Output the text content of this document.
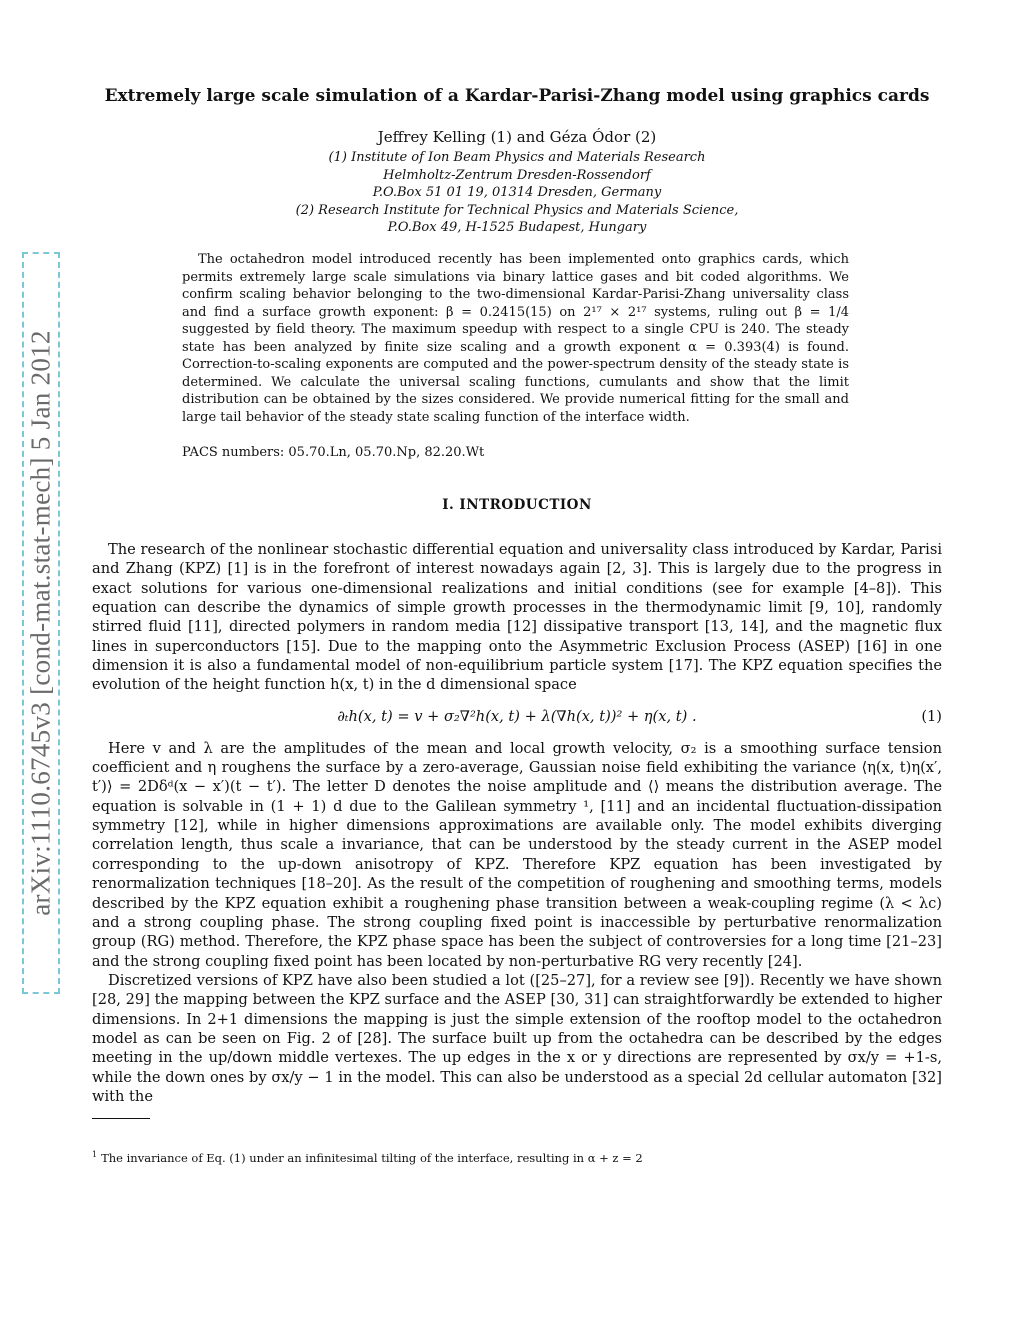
arXiv:1110.6745v3 [cond-mat.stat-mech] 5 Jan 2012
Extremely large scale simulation of a Kardar-Parisi-Zhang model using graphics cards
Jeffrey Kelling (1) and Géza Ódor (2)
(1) Institute of Ion Beam Physics and Materials Research
Helmholtz-Zentrum Dresden-Rossendorf
P.O.Box 51 01 19, 01314 Dresden, Germany
(2) Research Institute for Technical Physics and Materials Science,
P.O.Box 49, H-1525 Budapest, Hungary

The octahedron model introduced recently has been implemented onto graphics cards, which permits extremely large scale simulations via binary lattice gases and bit coded algorithms. We confirm scaling behavior belonging to the two-dimensional Kardar-Parisi-Zhang universality class and find a surface growth exponent: β = 0.2415(15) on 2¹⁷ × 2¹⁷ systems, ruling out β = 1/4 suggested by field theory. The maximum speedup with respect to a single CPU is 240. The steady state has been analyzed by finite size scaling and a growth exponent α = 0.393(4) is found. Correction-to-scaling exponents are computed and the power-spectrum density of the steady state is determined. We calculate the universal scaling functions, cumulants and show that the limit distribution can be obtained by the sizes considered. We provide numerical fitting for the small and large tail behavior of the steady state scaling function of the interface width.

PACS numbers: 05.70.Ln, 05.70.Np, 82.20.Wt

I. INTRODUCTION

The research of the nonlinear stochastic differential equation and universality class introduced by Kardar, Parisi and Zhang (KPZ) [1] is in the forefront of interest nowadays again [2, 3]. This is largely due to the progress in exact solutions for various one-dimensional realizations and initial conditions (see for example [4–8]). This equation can describe the dynamics of simple growth processes in the thermodynamic limit [9, 10], randomly stirred fluid [11], directed polymers in random media [12] dissipative transport [13, 14], and the magnetic flux lines in superconductors [15]. Due to the mapping onto the Asymmetric Exclusion Process (ASEP) [16] in one dimension it is also a fundamental model of non-equilibrium particle system [17]. The KPZ equation specifies the evolution of the height function h(x, t) in the d dimensional space

∂ₜh(x, t) = v + σ₂∇²h(x, t) + λ(∇h(x, t))² + η(x, t) .	(1)

Here v and λ are the amplitudes of the mean and local growth velocity, σ₂ is a smoothing surface tension coefficient and η roughens the surface by a zero-average, Gaussian noise field exhibiting the variance ⟨η(x, t)η(x′, t′)⟩ = 2Dδᵈ(x − x′)(t − t′). The letter D denotes the noise amplitude and ⟨⟩ means the distribution average. The equation is solvable in (1 + 1) d due to the Galilean symmetry ¹, [11] and an incidental fluctuation-dissipation symmetry [12], while in higher dimensions approximations are available only. The model exhibits diverging correlation length, thus scale a invariance, that can be understood by the steady current in the ASEP model corresponding to the up-down anisotropy of KPZ. Therefore KPZ equation has been investigated by renormalization techniques [18–20]. As the result of the competition of roughening and smoothing terms, models described by the KPZ equation exhibit a roughening phase transition between a weak-coupling regime (λ < λc) and a strong coupling phase. The strong coupling fixed point is inaccessible by perturbative renormalization group (RG) method. Therefore, the KPZ phase space has been the subject of controversies for a long time [21–23] and the strong coupling fixed point has been located by non-perturbative RG very recently [24].

Discretized versions of KPZ have also been studied a lot ([25–27], for a review see [9]). Recently we have shown [28, 29] the mapping between the KPZ surface and the ASEP [30, 31] can straightforwardly be extended to higher dimensions. In 2+1 dimensions the mapping is just the simple extension of the rooftop model to the octahedron model as can be seen on Fig. 2 of [28]. The surface built up from the octahedra can be described by the edges meeting in the up/down middle vertexes. The up edges in the x or y directions are represented by σx/y = +1-s, while the down ones by σx/y − 1 in the model. This can also be understood as a special 2d cellular automaton [32] with the

$^1$ The invariance of Eq. (1) under an infinitesimal tilting of the interface, resulting in α + z = 2
